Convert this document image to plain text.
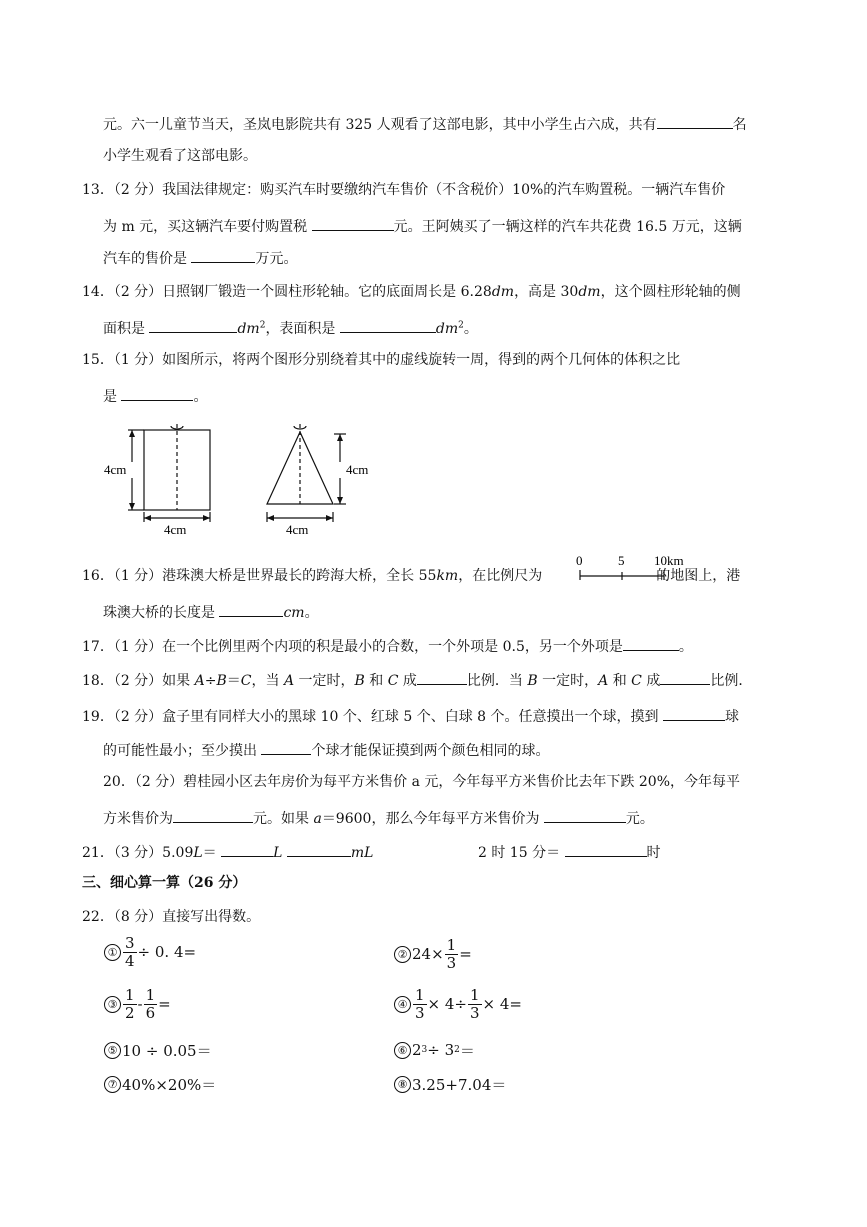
元。六一儿童节当天，圣岚电影院共有 325 人观看了这部电影，其中小学生占六成，共有	名
小学生观看了这部电影。
13．（2 分）我国法律规定：购买汽车时要缴纳汽车售价（不含税价）10%的汽车购置税。一辆汽车售价
为 m 元，买这辆汽车要付购置税	元。王阿姨买了一辆这样的汽车共花费 16.5 万元，这辆
汽车的售价是	万元。
14．（2 分）日照钢厂锻造一个圆柱形轮轴。它的底面周长是 6.28dm，高是 30dm，这个圆柱形轮轴的侧
面积是	$dm^2$，表面积是	$dm^2$。
15．（1 分）如图所示，将两个图形分别绕着其中的虚线旋转一周，得到的两个几何体的体积之比
是	。
4cm
4cm
4cm
4cm
16．（1 分）港珠澳大桥是世界最长的跨海大桥，全长 55km，在比例尺为	的地图上，港
0	5 10km
珠澳大桥的长度是	cm。
17．（1 分）在一个比例里两个内项的积是最小的合数，一个外项是 0.5，另一个外项是	。
18．（2 分）如果 A÷B＝C，当 A 一定时，B 和 C 成	比例．当 B 一定时，A 和 C 成	比例．
19．（2 分）盒子里有同样大小的黑球 10 个、红球 5 个、白球 8 个。任意摸出一个球，摸到	球
的可能性最小；至少摸出	个球才能保证摸到两个颜色相同的球。
20．（2 分）碧桂园小区去年房价为每平方米售价 a 元，今年每平方米售价比去年下跌 20%，今年每平
方米售价为	元。如果 a＝9600，那么今年每平方米售价为	元。
21．（3 分）5.09L＝	L	mL	2 时 15 分＝	时
三、细心算一算（26 分）
22．（8 分）直接写出得数。
① $\frac{3}{4} \div 0$. 4=	② $24\times \frac{1}{3}$ =
③ $\frac{1}{2} - \frac{1}{6}$ =	④ $\frac{1}{3} \times 4\div \frac{1}{3} \times 4=$
⑤ 10 ÷ 0.05＝	⑥ 2 3 ÷ 3 2 ＝
⑦ 40%×20%＝	⑧ 3.25+7.04＝
